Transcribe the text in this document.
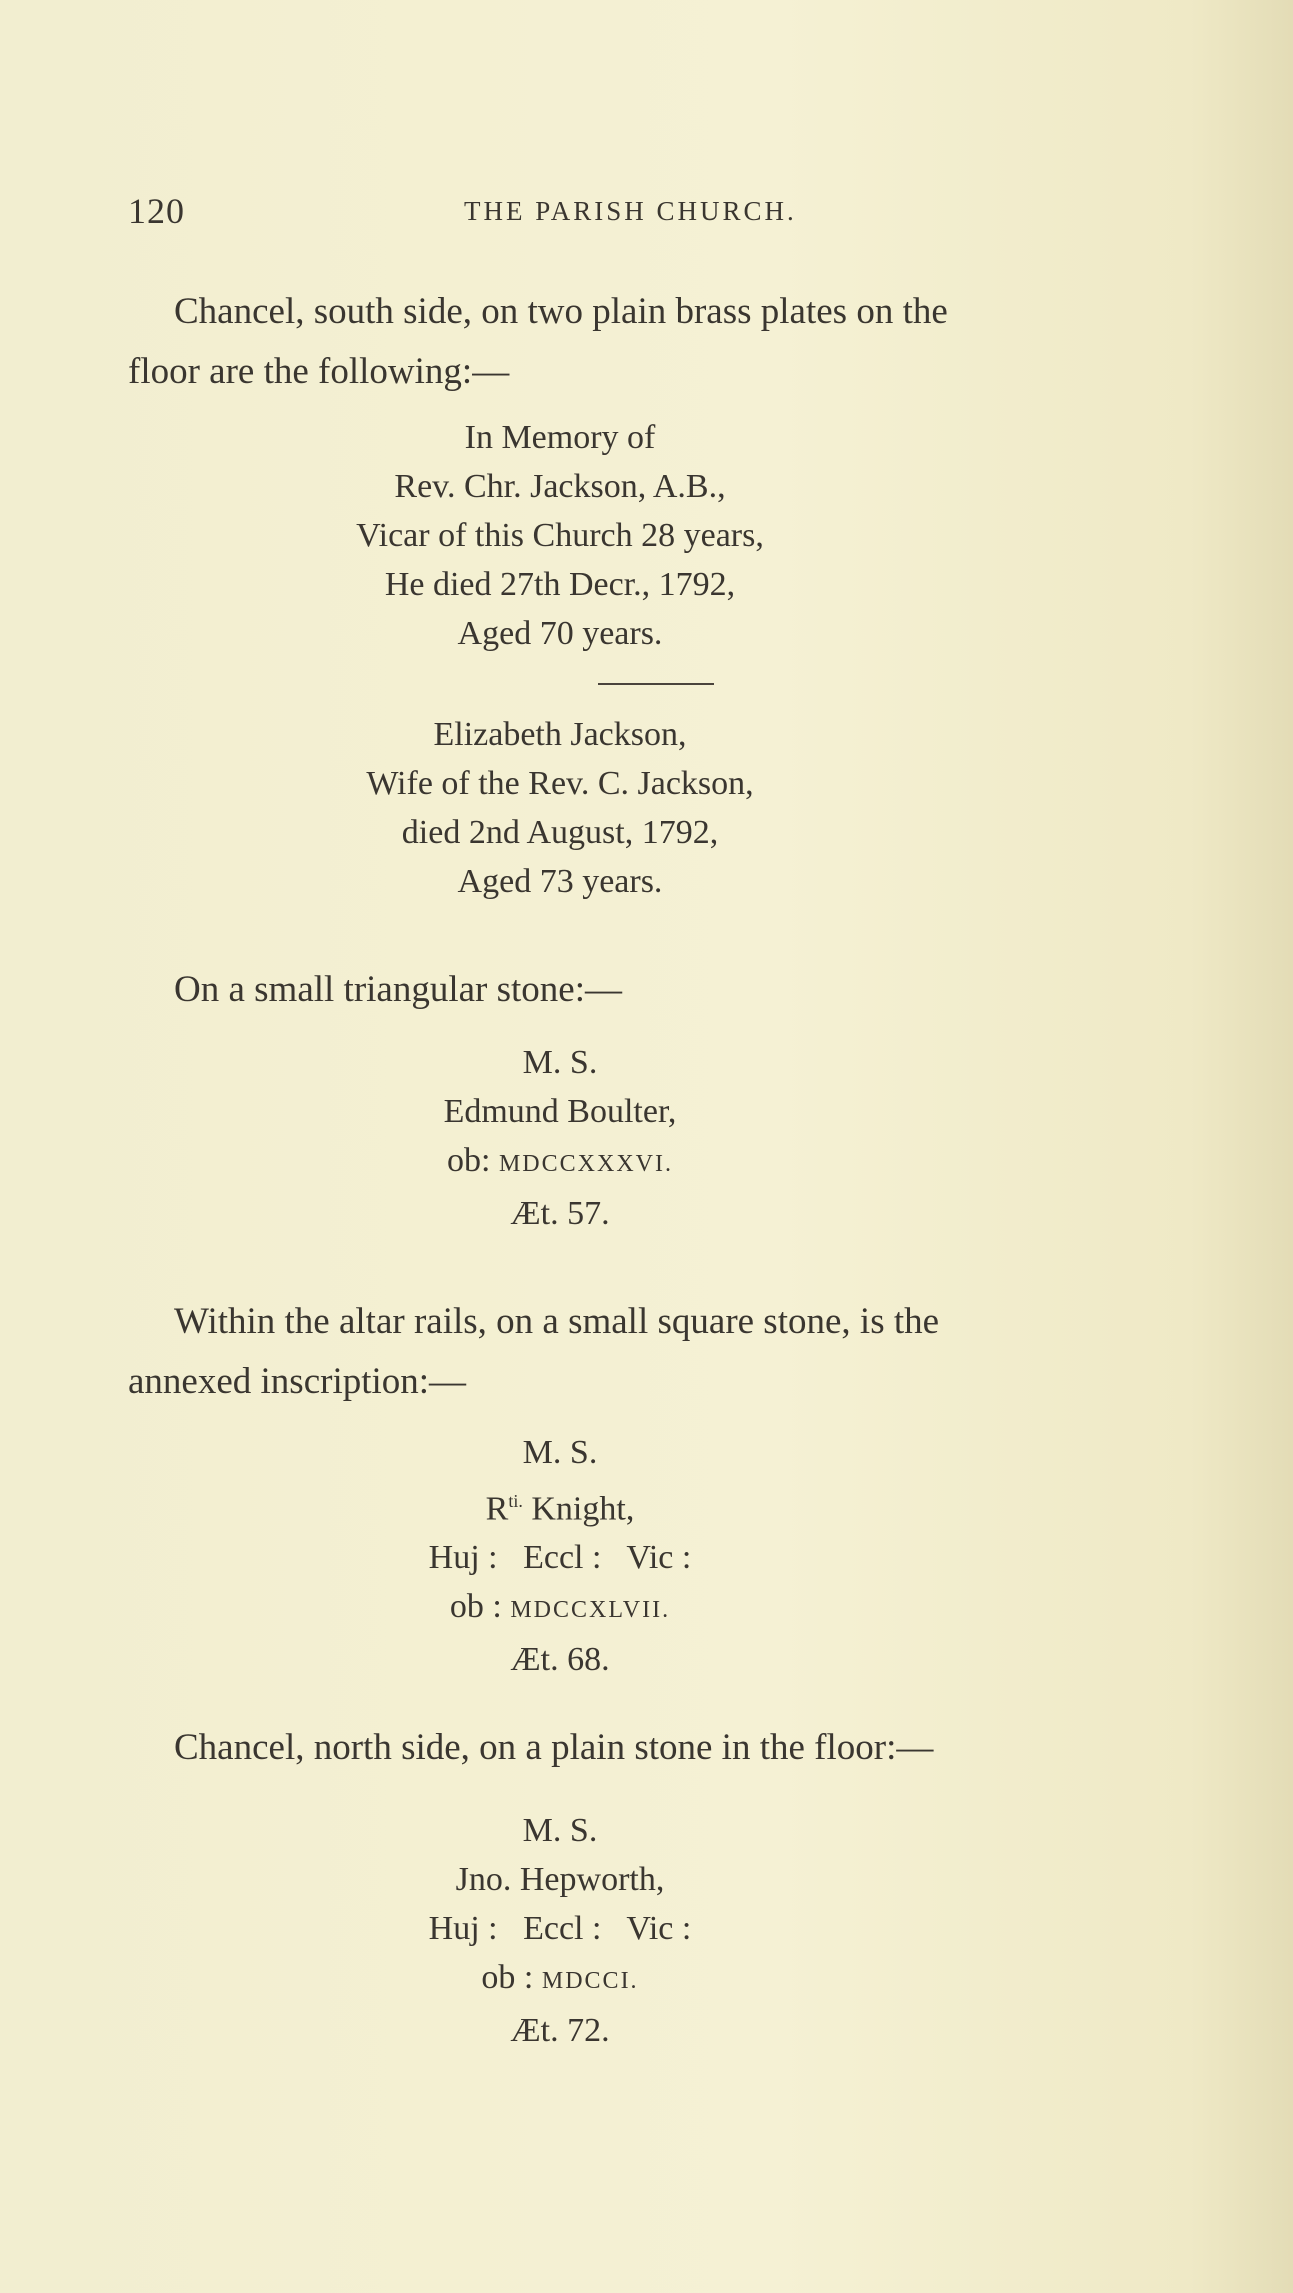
120	THE PARISH CHURCH.

Chancel, south side, on two plain brass plates on the
floor are the following:—

In Memory of
Rev. Chr. Jackson, A.B.,
Vicar of this Church 28 years,
He died 27th Decr., 1792,
Aged 70 years.
Elizabeth Jackson,
Wife of the Rev. C. Jackson,
died 2nd August, 1792,
Aged 73 years.

On a small triangular stone:—

M. S.
Edmund Boulter,
ob: MDCCXXXVI.
Æt. 57.

Within the altar rails, on a small square stone, is the
annexed inscription:—

M. S.
$R^{ti.}$ Knight,
Huj :   Eccl :   Vic :
ob : MDCCXLVII.
Æt. 68.

Chancel, north side, on a plain stone in the floor:—

M. S.
Jno. Hepworth,
Huj :   Eccl :   Vic :
ob : MDCCI.
Æt. 72.
